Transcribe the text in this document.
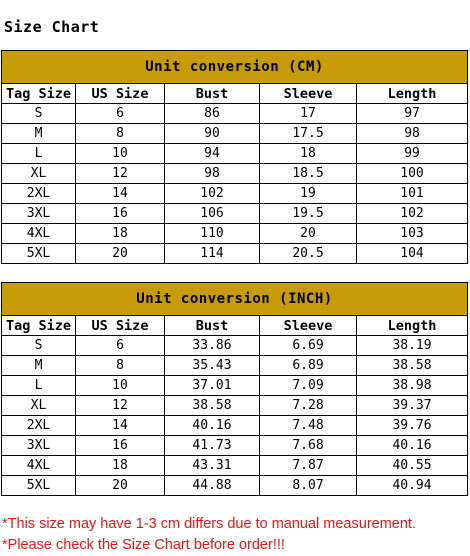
Size Chart
Unit conversion (CM)				
Tag Size	US Size	Bust	Sleeve	Length
S	6	86	17	97
M	8	90	17.5	98
L	10	94	18	99
XL	12	98	18.5	100
2XL	14	102	19	101
3XL	16	106	19.5	102
4XL	18	110	20	103
5XL	20	114	20.5	104
Unit conversion (INCH)				
Tag Size	US Size	Bust	Sleeve	Length
S	6	33.86	6.69	38.19
M	8	35.43	6.89	38.58
L	10	37.01	7.09	38.98
XL	12	38.58	7.28	39.37
2XL	14	40.16	7.48	39.76
3XL	16	41.73	7.68	40.16
4XL	18	43.31	7.87	40.55
5XL	20	44.88	8.07	40.94
*This size may have 1-3 cm differs due to manual measurement.
*Please check the Size Chart before order!!!
